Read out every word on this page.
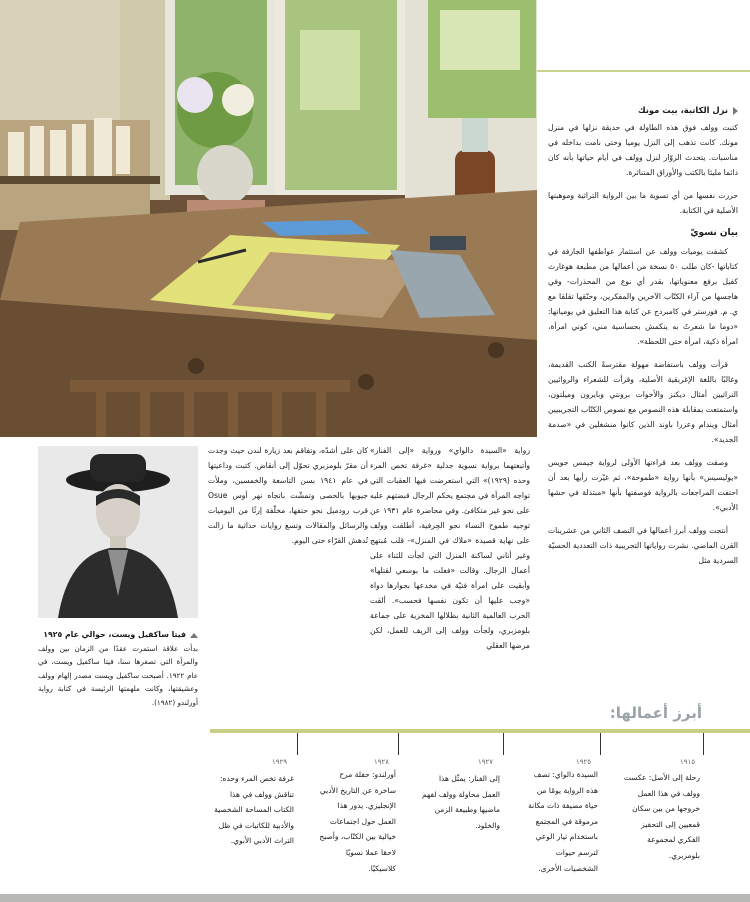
نزل الكاتبة، بيت مونك

كتبت وولف فوق هذه الطاولة في حديقة نزلها في منزل مونك. كانت تذهب إلى النزل يوميا وحتى نامت بداخله في مناسبات. يتحدث الزوّار لنزل وولف في أيام حياتها بأنه كان دائما مليئا بالكتب والأوراق المتناثرة.

حررت نفسها من أي تسوية ما بين الرواية التراثية وموهبتها الأصلية في الكتابة.

بيان نسويّ

كشفت يوميات وولف عن استثمار عواطفها الجارفة في كتاباتها -كان طلب ٥٠ نسخة من أعمالها من مطبعة هوغارث كفيل برفع معنوياتها، بقدر أي نوع من المحذرات- وفي هاجسها من آراء الكتّاب الآخرين والمفكرين، وحنّقها تقلقا مع ي. م. فورستر في كامبردج عن كتابة هذا التعليق في يومياتها: «دوما ما شعرتُ به ينكمش بحساسية مني، كوني امرأة، امرأة ذكية، امرأة حتى اللحظة».

قرأت وولف باستفاضة مهولة مقترسةً الكتب القديمة، وغالبًا باللغة الإغريقية الأصلية، وقرأت للشعراء والروائيين التراثيين أمثال ديكنز والأخوات برونتي وبايرون وميلتون، واستمتعت بمقابلة هذه النصوص مع نصوص الكتّاب التجريبيين أمثال ويندام وعزرا باوند الذين كانوا منشغلين في «صدمة الجديد».

وصفت وولف بعد قراءتها الأولى لرواية جيمس جويس «يوليسيس» بأنها رواية «طموحة»، ثم غيّرت رأيها بعد أن احتفت المراجعات بالرواية فوصفتها بأنها «مبتذلة في حشها الأدبي».

أنتجت وولف أبرز أعمالها في النصف الثاني من عشرينات القرن الماضي. نشرت رواياتها التجريبية ذات التعددية الحسيّة السردية مثل

رواية «السيدة دالواي» ورواية «إلى الفنار» وأتبعتهما برواية نسوية جدلية «غرفة تخص المرء وحده (١٩٢٩)» التي استعرضت فيها العقبات التي تواجه المرأة في مجتمع يحكم الرجال قبضتهم عليه على نحو غير متكافئ. وفي محاضرة عام ١٩٣١ عن توجيه طموح النساء نحو الحِرفية، أطلقت وولف على نهاية قصيدة «ملاك في المنزل»- قلب مُبتهج وغير أناني لساكنة المنزل التي لجأت للثناء على أعمال الرجال. وقالت «فعلت ما بوسعي لقتلها» وأبقيت على امرأة فتيّة في مخدعها بجوارها دواة «وجب عليها أن تكون نفسها فحسب». ألقت الحرب العالمية الثانية بظلالها المخزية على جماعة بلومزبري، ولجأت وولف إلى الريف للعمل، لكن مرضها العقلي
كان على أشدّه، وتفاقم بعد زيارة لندن حيث وجدت أن مقرّ بلومزبري تحوّل إلى أنقاض. كتبت وداعيتها في عام ١٩٤١ بسن التاسعة والخمسين، وملأت جيوبها بالحصى وتمشّت باتجاه نهر أوس Osue قرب رودميل نحو حتفها، مخلّفة إرثًا من اليوميات والرسائل والمقالات وتسع روايات حداثية ما زالت تُدهش القرّاء حتى اليوم.
فيتا ساكفيل ويست، حوالي عام ١٩٢٥
بدأت علاقة استمرت عقدًا من الزمان بين وولف والمرأة التي تصغرها سنا، فيتا ساكفيل ويست، في عام ١٩٢٢. أصبحت ساكفيل ويست مصدر إلهام وولف وعشيقتها، وكانت ملهمتها الرئيسة في كتابة رواية أورلندو (١٩٨٢).
أبرز أعمالها:
١٩١٥
رحلة إلى الأصل: عكست وولف في هذا العمل خروجها من بين سكان قمعيين إلى التحفيز الفكري لمجموعة بلومزبري.
١٩٢٥
السيدة دالواي: تصف هذه الرواية يومًا من حياة مضيفة ذات مكانة مرموقة في المجتمع باستخدام تيار الوعي لترسم حيوات الشخصيات الأخرى.
١٩٢٧
إلى الفنار: يمثّل هذا العمل محاولة وولف لفهم ماضيها وطبيعة الزمن والخلود.
١٩٢٨
أورلندو: حفلة مرح ساخرة عن التاريخ الأدبي الإنجليزي. يدور هذا العمل حول اجتماعات خيالية بين الكتّاب، وأصبح لاحقا عملا نسويًا كلاسيكيًا.
١٩٢٩
غرفة تخص المرء وحده: تناقش وولف في هذا الكتاب المساحة الشخصية والأدبية للكاتبات في ظل التراث الأدبي الأبوي.
